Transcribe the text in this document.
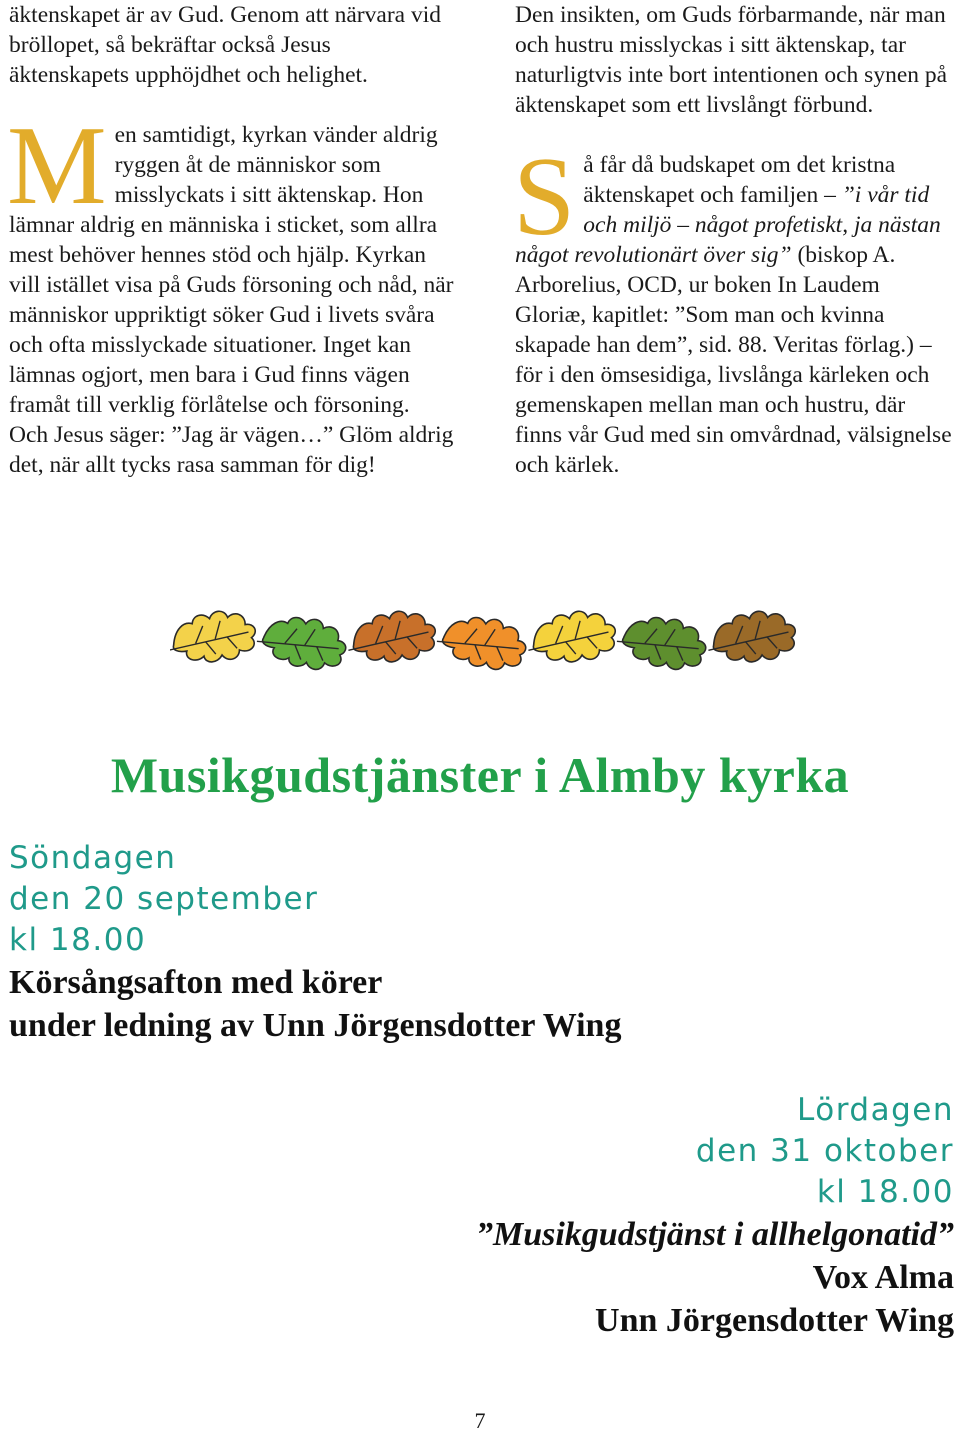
äktenskapet är av Gud. Genom att närvara vid bröllopet, så bekräftar också Jesus äktenskapets upphöjdhet och helighet.

Men samtidigt, kyrkan vänder aldrig ryggen åt de människor som misslyckats i sitt äktenskap. Hon lämnar aldrig en människa i sticket, som allra mest behöver hennes stöd och hjälp. Kyrkan vill istället visa på Guds försoning och nåd, när människor uppriktigt söker Gud i livets svåra och ofta misslyckade situationer. Inget kan lämnas ogjort, men bara i Gud finns vägen framåt till verklig förlåtelse och försoning. Och Jesus säger: ”Jag är vägen…” Glöm aldrig det, när allt tycks rasa samman för dig!

Den insikten, om Guds förbarmande, när man och hustru misslyckas i sitt äktenskap, tar naturligtvis inte bort intentionen och synen på äktenskapet som ett livslångt förbund.

Så får då budskapet om det kristna äktenskapet och familjen – ”i vår tid och miljö – något profetiskt, ja nästan något revolutionärt över sig” (biskop A. Arborelius, OCD, ur boken In Laudem Gloriæ, kapitlet: ”Som man och kvinna skapade han dem”, sid. 88. Veritas förlag.) – för i den ömsesidiga, livslånga kärleken och gemenskapen mellan man och hustru, där finns vår Gud med sin omvårdnad, välsignelse och kärlek.

Musikgudstjänster i Almby kyrka
Söndagen
den 20 september
kl 18.00
Körsångsafton med körer
under ledning av Unn Jörgensdotter Wing
Lördagen
den 31 oktober
kl 18.00
”Musikgudstjänst i allhelgonatid”
Vox Alma
Unn Jörgensdotter Wing
7
